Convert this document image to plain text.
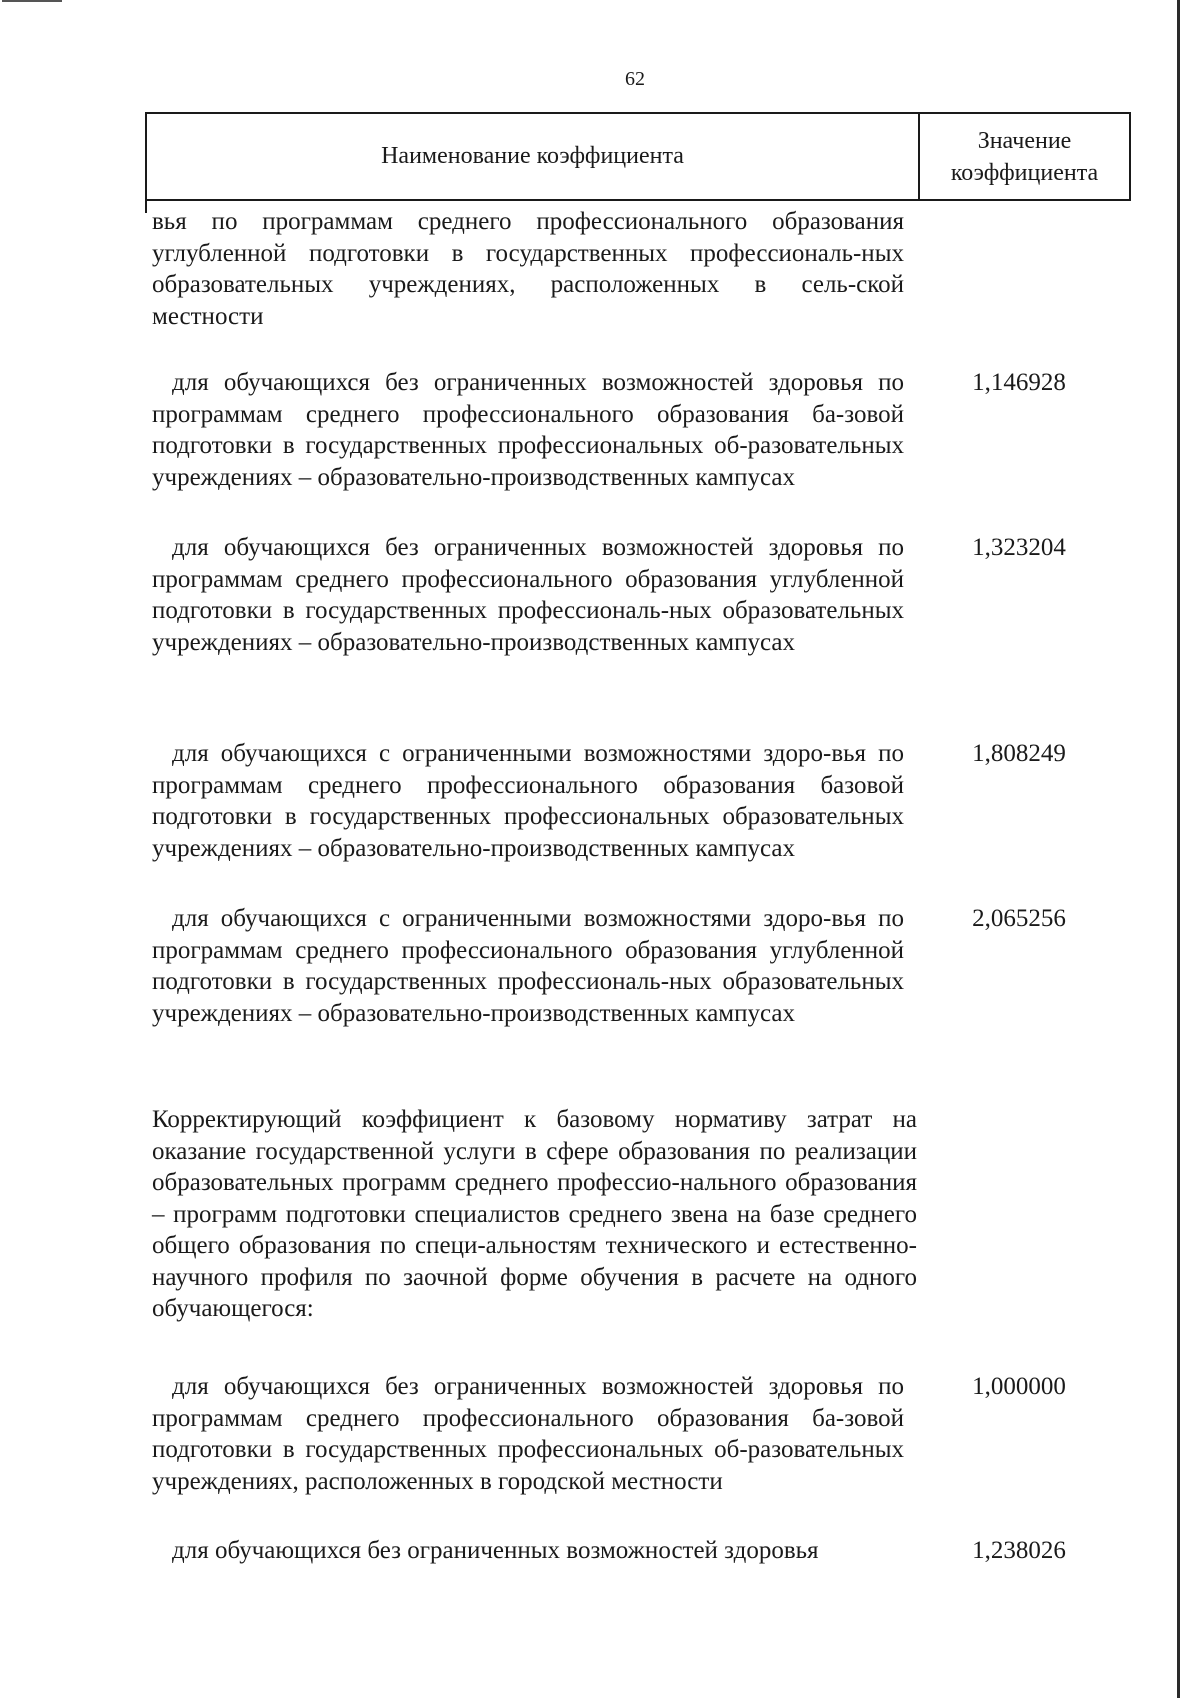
62
Наименование коэффициента
Значение
коэффициента
вья по программам среднего профессионального образования углубленной подготовки в государственных профессиональ-ных образовательных учреждениях, расположенных в сель-ской местности
для обучающихся без ограниченных возможностей здоровья по программам среднего профессионального образования ба-зовой подготовки в государственных профессиональных об-разовательных учреждениях – образовательно-производственных кампусах
1,146928
для обучающихся без ограниченных возможностей здоровья по программам среднего профессионального образования углубленной подготовки в государственных профессиональ-ных образовательных учреждениях – образовательно-производственных кампусах
1,323204
для обучающихся с ограниченными возможностями здоро-вья по программам среднего профессионального образования базовой подготовки в государственных профессиональных образовательных учреждениях – образовательно-производственных кампусах
1,808249
для обучающихся с ограниченными возможностями здоро-вья по программам среднего профессионального образования углубленной подготовки в государственных профессиональ-ных образовательных учреждениях – образовательно-производственных кампусах
2,065256
Корректирующий коэффициент к базовому нормативу затрат на оказание государственной услуги в сфере образования по реализации образовательных программ среднего профессио-нального образования – программ подготовки специалистов среднего звена на базе среднего общего образования по специ-альностям технического и естественно-научного профиля по заочной форме обучения в расчете на одного обучающегося:
для обучающихся без ограниченных возможностей здоровья по программам среднего профессионального образования ба-зовой подготовки в государственных профессиональных об-разовательных учреждениях, расположенных в городской местности
1,000000
для обучающихся без ограниченных возможностей здоровья	1,238026
